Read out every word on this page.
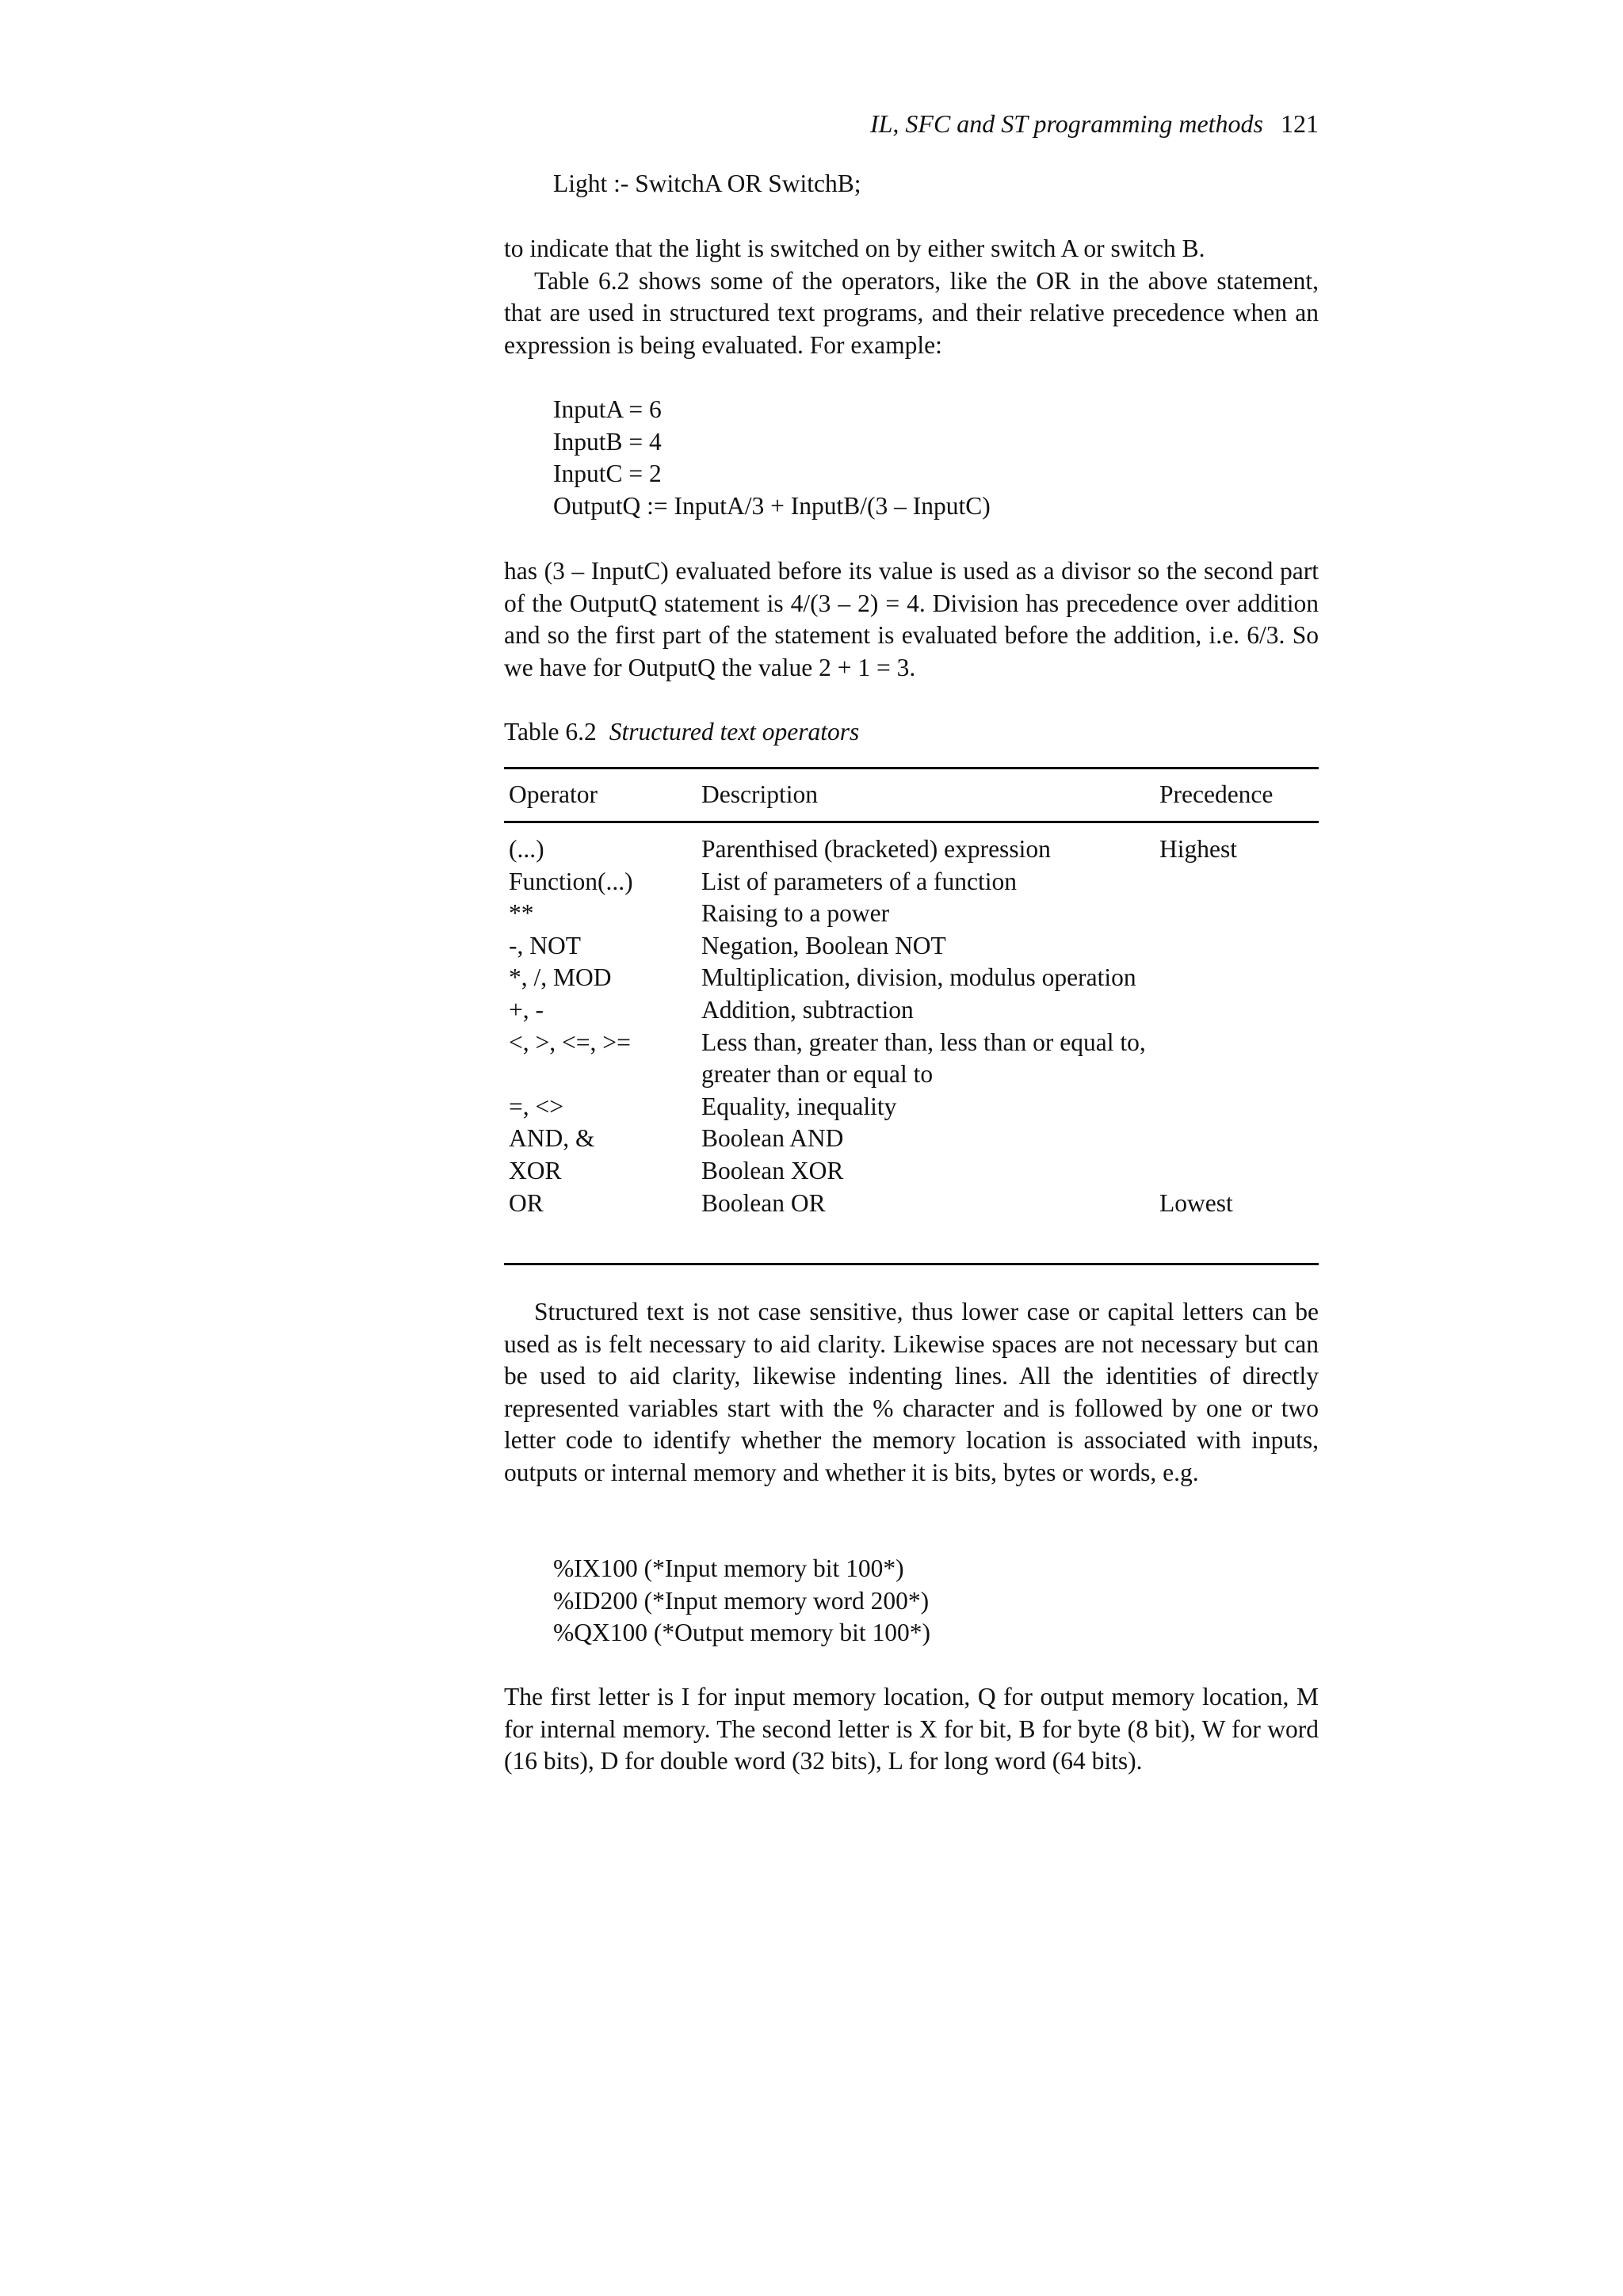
IL, SFC and ST programming methods 121
Light :- SwitchA OR SwitchB;
to indicate that the light is switched on by either switch A or switch B.
Table 6.2 shows some of the operators, like the OR in the above statement, that are used in structured text programs, and their relative precedence when an expression is being evaluated. For example:
InputA = 6
InputB = 4
InputC = 2
OutputQ := InputA/3 + InputB/(3 – InputC)
has (3 – InputC) evaluated before its value is used as a divisor so the second part of the OutputQ statement is 4/(3 – 2) = 4. Division has precedence over addition and so the first part of the statement is evaluated before the addition, i.e. 6/3. So we have for OutputQ the value 2 + 1 = 3.
Table 6.2 Structured text operators
Operator	Description	Precedence
(...)	Parenthised (bracketed) expression	Highest
Function(...)	List of parameters of a function	
**	Raising to a power	
-, NOT	Negation, Boolean NOT	
*, /, MOD	Multiplication, division, modulus operation	
+, -	Addition, subtraction	
<, >, <=, >=	Less than, greater than, less than or equal to, greater than or equal to	
=, <>	Equality, inequality	
AND, &	Boolean AND	
XOR	Boolean XOR	
OR	Boolean OR	Lowest
Structured text is not case sensitive, thus lower case or capital letters can be used as is felt necessary to aid clarity. Likewise spaces are not necessary but can be used to aid clarity, likewise indenting lines. All the identities of directly represented variables start with the % character and is followed by one or two letter code to identify whether the memory location is associated with inputs, outputs or internal memory and whether it is bits, bytes or words, e.g.
%IX100 (*Input memory bit 100*)
%ID200 (*Input memory word 200*)
%QX100 (*Output memory bit 100*)
The first letter is I for input memory location, Q for output memory location, M for internal memory. The second letter is X for bit, B for byte (8 bit), W for word (16 bits), D for double word (32 bits), L for long word (64 bits).
